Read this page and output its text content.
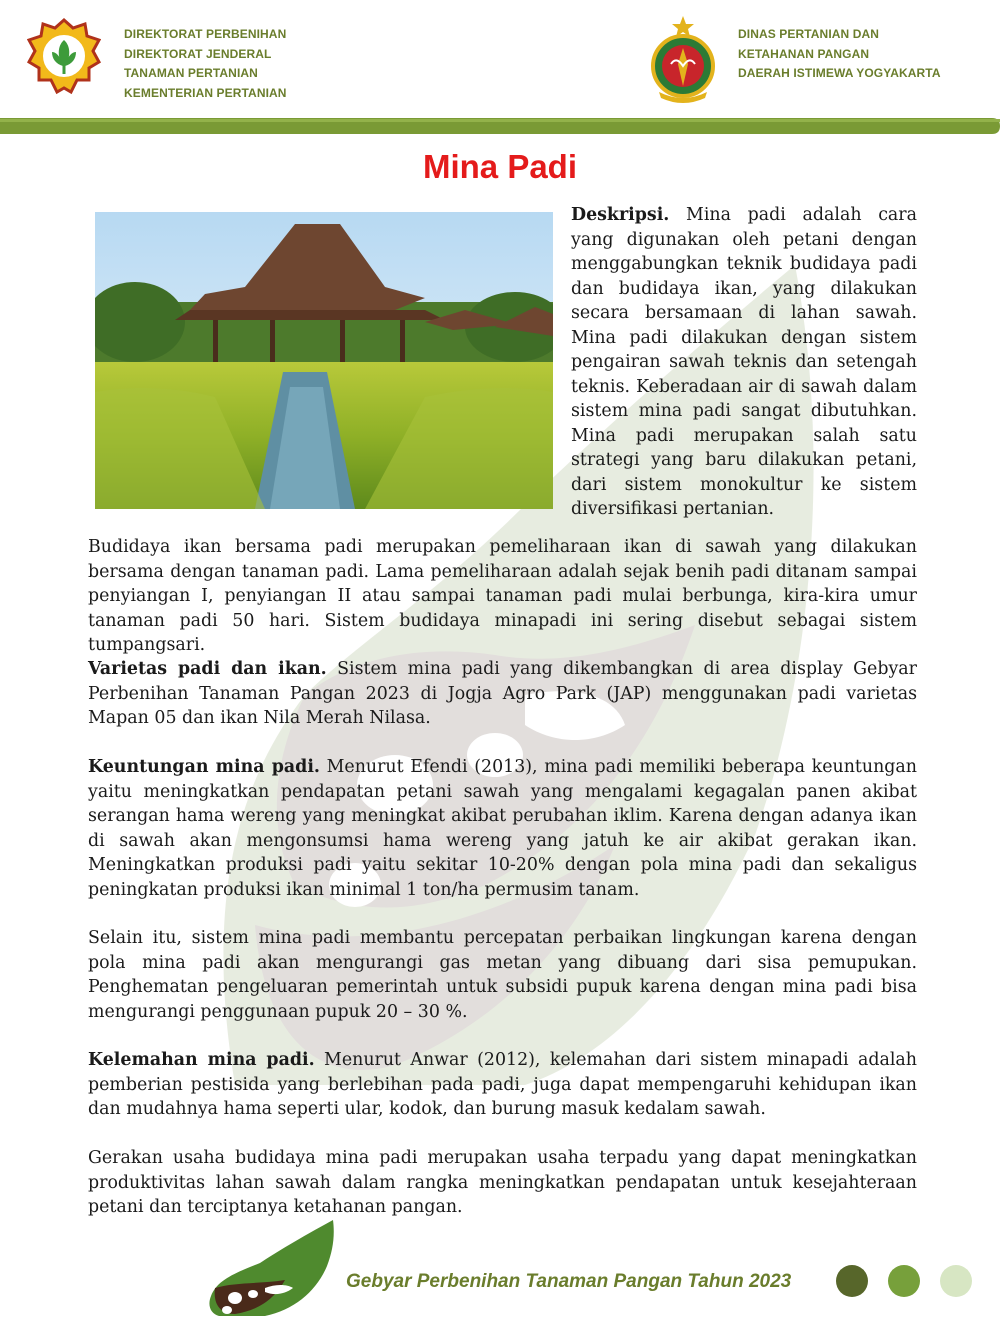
DIREKTORAT PERBENIHAN
DIREKTORAT JENDERAL
TANAMAN PERTANIAN
KEMENTERIAN PERTANIAN
DINAS PERTANIAN DAN
KETAHANAN PANGAN
DAERAH ISTIMEWA YOGYAKARTA
Mina Padi

Deskripsi. Mina padi adalah cara yang digunakan oleh petani dengan menggabungkan teknik budidaya padi dan budidaya ikan, yang dilakukan secara bersamaan di lahan sawah. Mina padi dilakukan dengan sistem pengairan sawah teknis dan setengah teknis. Keberadaan air di sawah dalam sistem mina padi sangat dibutuhkan. Mina padi merupakan salah satu strategi yang baru dilakukan petani, dari sistem monokultur ke sistem diversifikasi pertanian.

Budidaya ikan bersama padi merupakan pemeliharaan ikan di sawah yang dilakukan bersama dengan tanaman padi. Lama pemeliharaan adalah sejak benih padi ditanam sampai penyiangan I, penyiangan II atau sampai tanaman padi mulai berbunga, kira-kira umur tanaman padi 50 hari. Sistem budidaya minapadi ini sering disebut sebagai sistem tumpangsari.

Varietas padi dan ikan. Sistem mina padi yang dikembangkan di area display Gebyar Perbenihan Tanaman Pangan 2023 di Jogja Agro Park (JAP) menggunakan padi varietas Mapan 05 dan ikan Nila Merah Nilasa.

Keuntungan mina padi. Menurut Efendi (2013), mina padi memiliki beberapa keuntungan yaitu meningkatkan pendapatan petani sawah yang mengalami kegagalan panen akibat serangan hama wereng yang meningkat akibat perubahan iklim. Karena dengan adanya ikan di sawah akan mengonsumsi hama wereng yang jatuh ke air akibat gerakan ikan. Meningkatkan produksi padi yaitu sekitar 10-20% dengan pola mina padi dan sekaligus peningkatan produksi ikan minimal 1 ton/ha permusim tanam.

Selain itu, sistem mina padi membantu percepatan perbaikan lingkungan karena dengan pola mina padi akan mengurangi gas metan yang dibuang dari sisa pemupukan. Penghematan pengeluaran pemerintah untuk subsidi pupuk karena dengan mina padi bisa mengurangi penggunaan pupuk 20 – 30 %.

Kelemahan mina padi. Menurut Anwar (2012), kelemahan dari sistem minapadi adalah pemberian pestisida yang berlebihan pada padi, juga dapat mempengaruhi kehidupan ikan dan mudahnya hama seperti ular, kodok, dan burung masuk kedalam sawah.

Gerakan usaha budidaya mina padi merupakan usaha terpadu yang dapat meningkatkan produktivitas lahan sawah dalam rangka meningkatkan pendapatan untuk kesejahteraan petani dan terciptanya ketahanan pangan.

Gebyar Perbenihan Tanaman Pangan Tahun 2023
